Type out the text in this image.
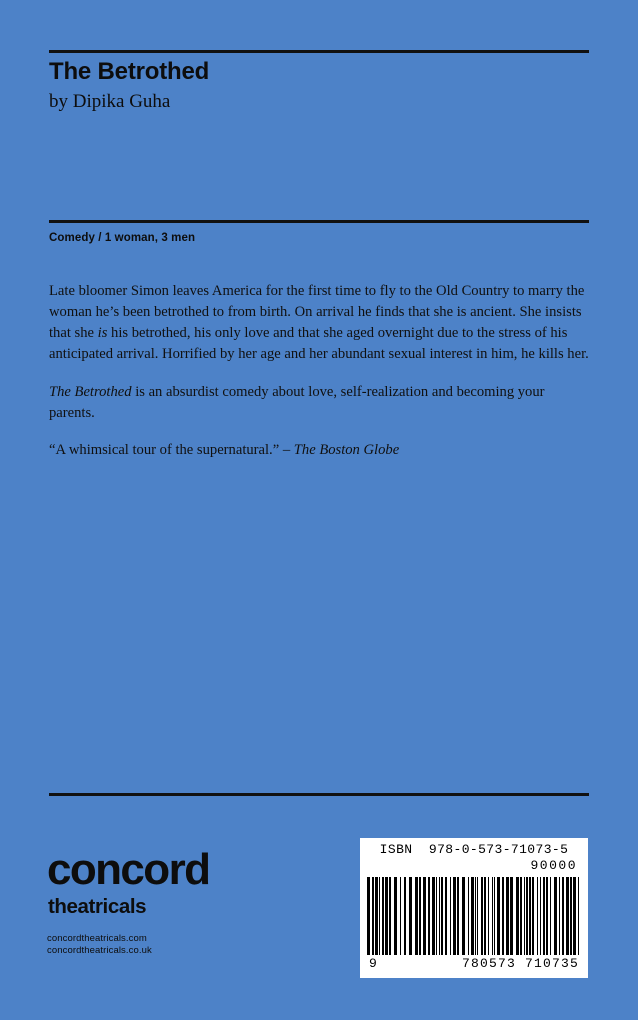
The Betrothed

by Dipika Guha

Comedy / 1 woman, 3 men

Late bloomer Simon leaves America for the first time to fly to the Old Country to marry the woman he’s been betrothed to from birth. On arrival he finds that she is ancient. She insists that she is his betrothed, his only love and that she aged overnight due to the stress of his anticipated arrival. Horrified by her age and her abundant sexual interest in him, he kills her.

The Betrothed is an absurdist comedy about love, self-realization and becoming your parents.

“A whimsical tour of the supernatural.” – The Boston Globe

concord

theatricals

concordtheatricals.com
concordtheatricals.co.uk
ISBN 978-0-573-71073-5
90000
9	780573 710735
